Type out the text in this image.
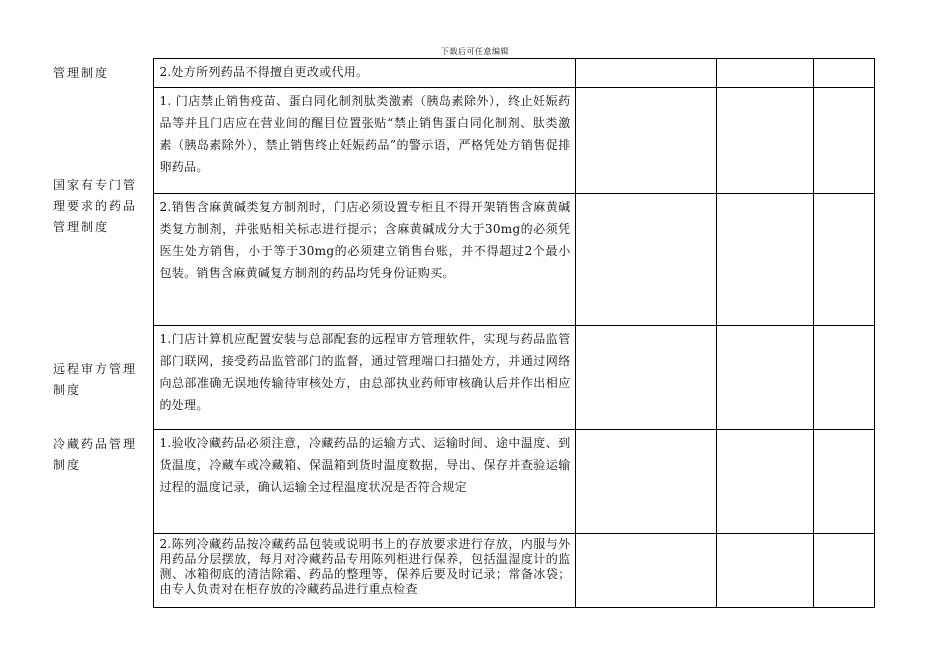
下载后可任意编辑
管理制度	2.处方所列药品不得擅自更改或代用。			

国家有专门管理要求的药品管理制度	1. 门店禁止销售疫苗、蛋白同化制剂肽类激素（胰岛素除外），终止妊娠药品等并且门店应在营业间的醒目位置张贴“禁止销售蛋白同化制剂、肽类激素（胰岛素除外），禁止销售终止妊娠药品”的警示语，严格凭处方销售促排卵药品。			

	2.销售含麻黄碱类复方制剂时，门店必须设置专柜且不得开架销售含麻黄碱类复方制剂，并张贴相关标志进行提示；含麻黄碱成分大于30mg的必须凭医生处方销售，小于等于30mg的必须建立销售台账，并不得超过2个最小包装。销售含麻黄碱复方制剂的药品均凭身份证购买。			

远程审方管理制度	1.门店计算机应配置安装与总部配套的远程审方管理软件，实现与药品监管部门联网，接受药品监管部门的监督，通过管理端口扫描处方，并通过网络向总部准确无误地传输待审核处方，由总部执业药师审核确认后并作出相应的处理。			

冷藏药品管理制度	1.验收冷藏药品必须注意，冷藏药品的运输方式、运输时间、途中温度、到货温度，冷藏车或冷藏箱、保温箱到货时温度数据，导出、保存并查验运输过程的温度记录，确认运输全过程温度状况是否符合规定			

	2.陈列冷藏药品按冷藏药品包装或说明书上的存放要求进行存放，内服与外用药品分层摆放，每月对冷藏药品专用陈列柜进行保养，包括温湿度计的监测、冰箱彻底的清洁除霜、药品的整理等，保养后要及时记录；常备冰袋；由专人负责对在柜存放的冷藏药品进行重点检查			
